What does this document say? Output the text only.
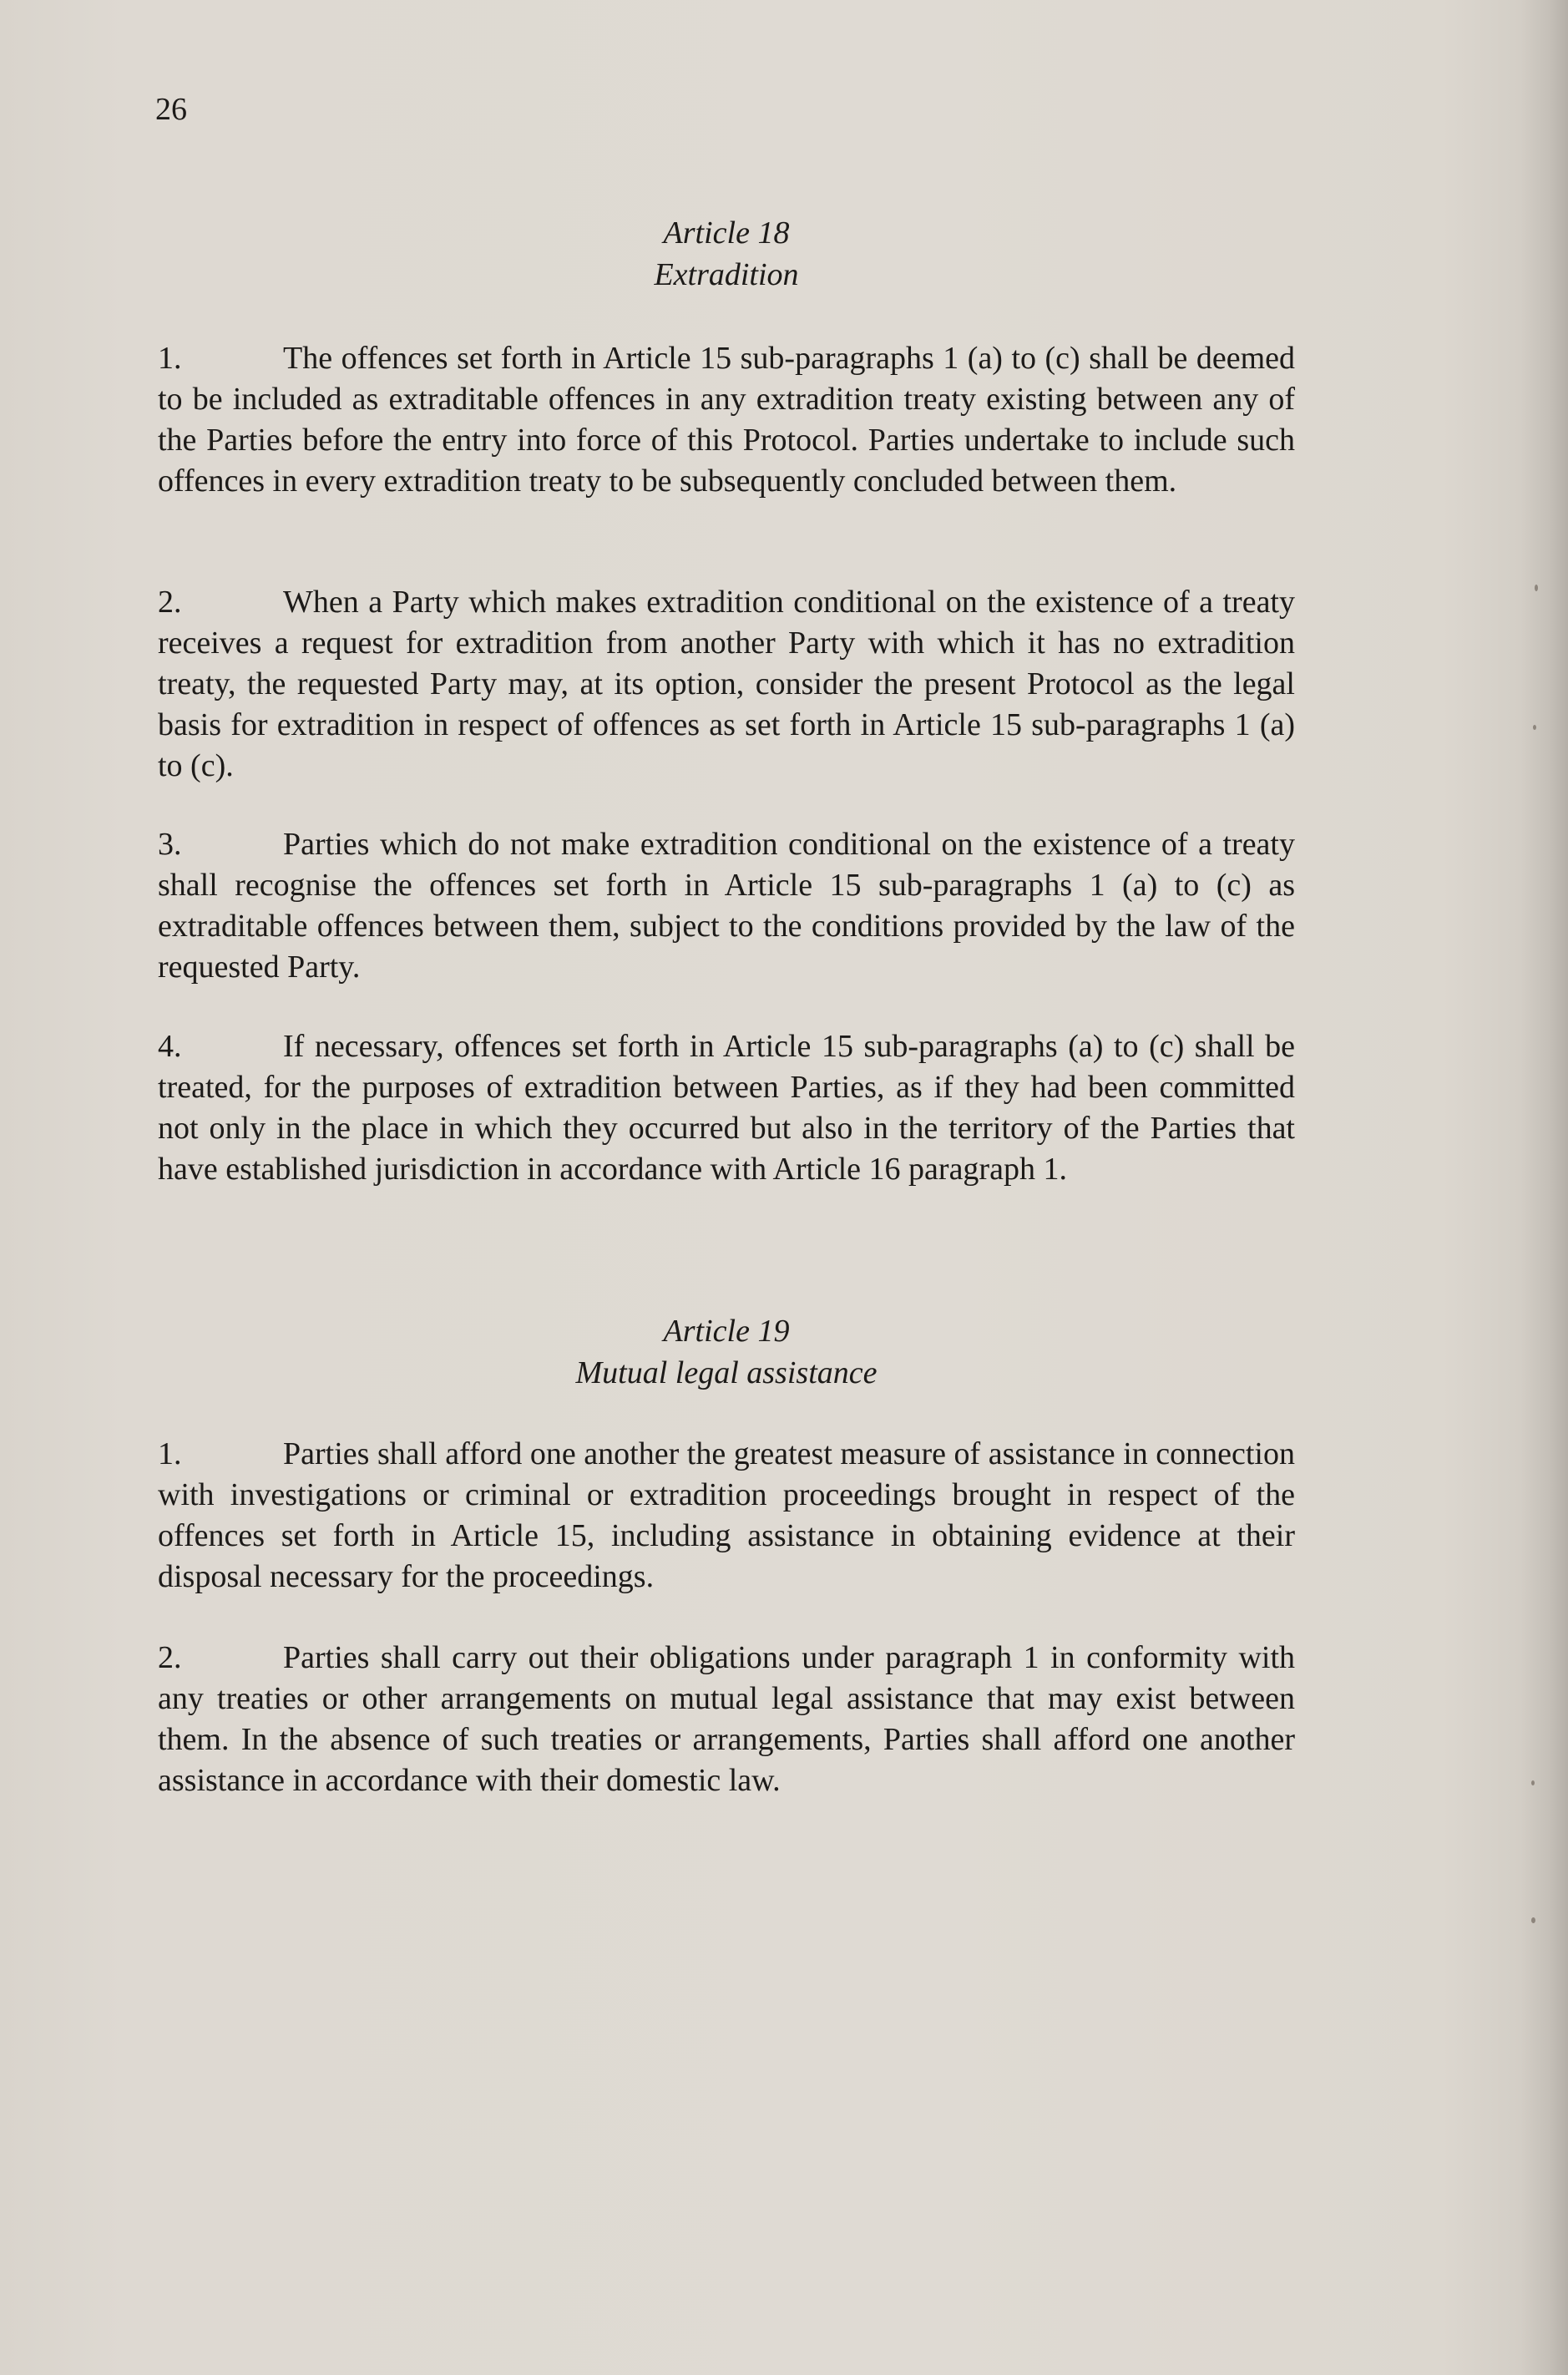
26
Article 18
Extradition
1.	The offences set forth in Article 15 sub-paragraphs 1 (a) to (c) shall be deemed to be included as extraditable offences in any extradition treaty existing between any of the Parties before the entry into force of this Protocol. Parties undertake to include such offences in every extradition treaty to be subsequently concluded between them.
2.	When a Party which makes extradition conditional on the existence of a treaty receives a request for extradition from another Party with which it has no extradition treaty, the requested Party may, at its option, consider the present Protocol as the legal basis for extradition in respect of offences as set forth in Article 15 sub-paragraphs 1 (a) to (c).
3.	Parties which do not make extradition conditional on the existence of a treaty shall recognise the offences set forth in Article 15 sub-paragraphs 1 (a) to (c) as extraditable offences between them, subject to the conditions provided by the law of the requested Party.
4.	If necessary, offences set forth in Article 15 sub-paragraphs (a) to (c) shall be treated, for the purposes of extradition between Parties, as if they had been committed not only in the place in which they occurred but also in the territory of the Parties that have established jurisdiction in accordance with Article 16 paragraph 1.
Article 19
Mutual legal assistance
1.	Parties shall afford one another the greatest measure of assistance in connection with investigations or criminal or extradition proceedings brought in respect of the offences set forth in Article 15, including assistance in obtaining evidence at their disposal necessary for the proceedings.
2.	Parties shall carry out their obligations under paragraph 1 in conformity with any treaties or other arrangements on mutual legal assistance that may exist between them. In the absence of such treaties or arrangements, Parties shall afford one another assistance in accordance with their domestic law.
